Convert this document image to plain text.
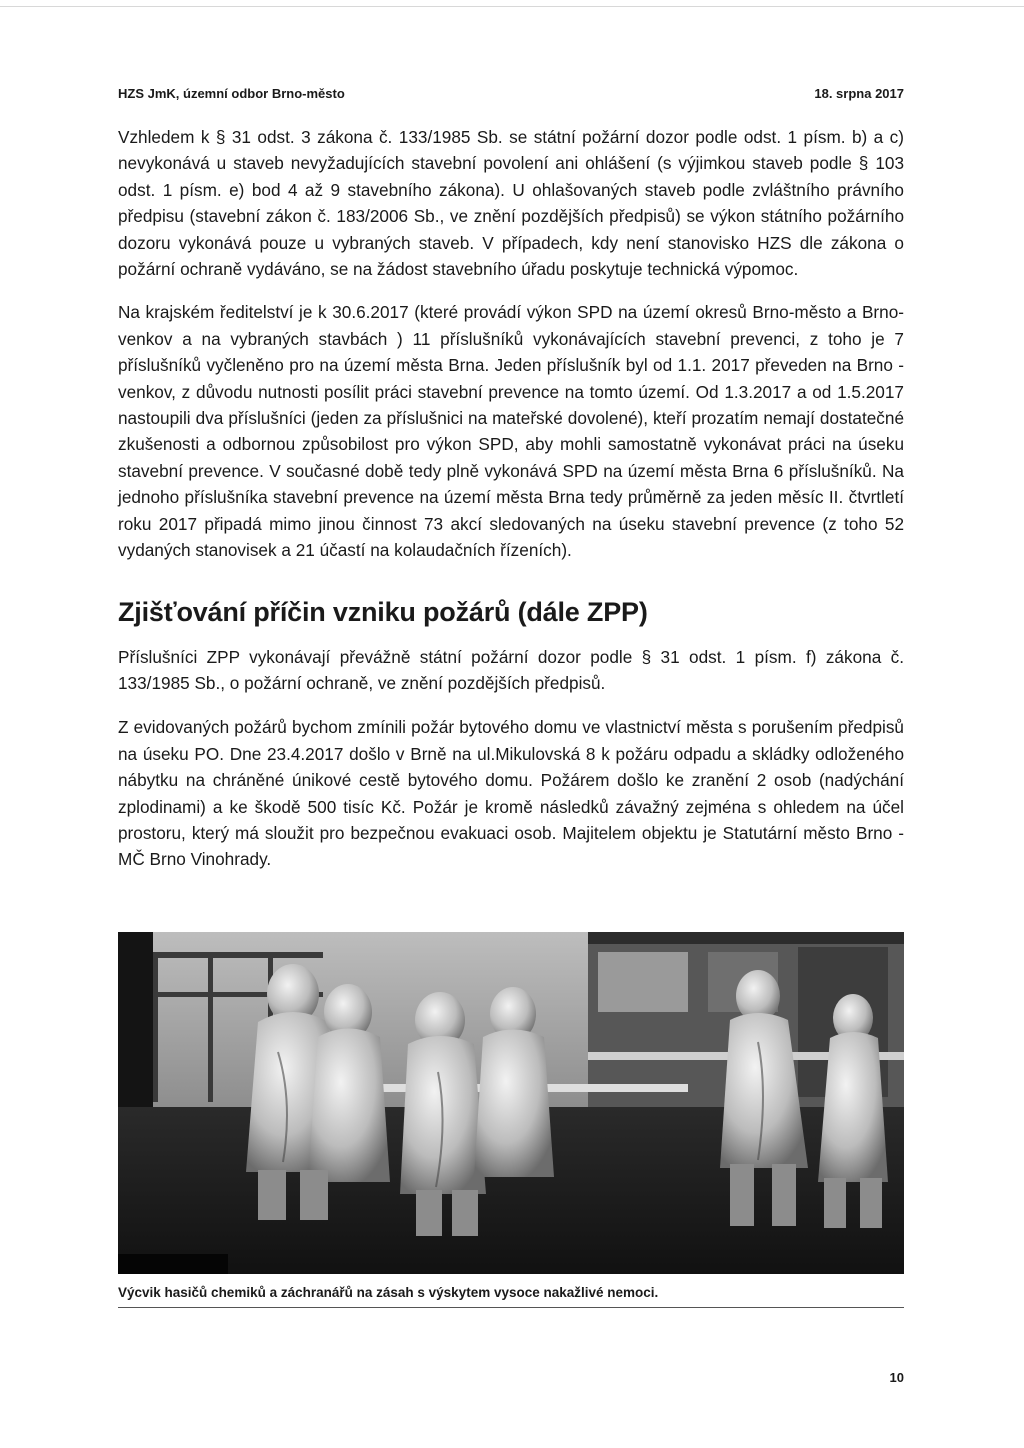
HZS JmK, územní odbor Brno-město	18. srpna 2017

Vzhledem k § 31 odst. 3 zákona č. 133/1985 Sb. se státní požární dozor podle odst. 1 písm. b) a c) nevykonává u staveb nevyžadujících stavební povolení ani ohlášení (s výjimkou staveb podle § 103 odst. 1 písm. e) bod 4 až 9 stavebního zákona). U ohlašovaných staveb podle zvláštního právního předpisu (stavební zákon č. 183/2006 Sb., ve znění pozdějších předpisů) se výkon státního požárního dozoru vykonává pouze u vybraných staveb. V případech, kdy není stanovisko HZS dle zákona o požární ochraně vydáváno, se na žádost stavebního úřadu poskytuje technická výpomoc.

Na krajském ředitelství je k 30.6.2017 (které provádí výkon SPD na území okresů Brno-město a Brno-venkov a na vybraných stavbách ) 11 příslušníků vykonávajících stavební prevenci, z toho je 7 příslušníků vyčleněno pro na území města Brna. Jeden příslušník byl od 1.1. 2017 převeden na Brno - venkov, z důvodu nutnosti posílit práci stavební prevence na tomto území. Od 1.3.2017 a od 1.5.2017 nastoupili dva příslušníci (jeden za příslušnici na mateřské dovolené), kteří prozatím nemají dostatečné zkušenosti a odbornou způsobilost pro výkon SPD, aby mohli samostatně vykonávat práci na úseku stavební prevence. V současné době tedy plně vykonává SPD na území města Brna 6 příslušníků. Na jednoho příslušníka stavební prevence na území města Brna tedy průměrně za jeden měsíc II. čtvrtletí roku 2017 připadá mimo jinou činnost 73 akcí sledovaných na úseku stavební prevence (z toho 52 vydaných stanovisek a 21 účastí na kolaudačních řízeních).

Zjišťování příčin vzniku požárů (dále ZPP)

Příslušníci ZPP vykonávají převážně státní požární dozor podle § 31 odst. 1 písm. f) zákona č. 133/1985 Sb., o požární ochraně, ve znění pozdějších předpisů.

Z evidovaných požárů bychom zmínili požár bytového domu ve vlastnictví města s porušením předpisů na úseku PO. Dne 23.4.2017 došlo v Brně na ul.Mikulovská 8 k požáru odpadu a skládky odloženého nábytku na chráněné únikové cestě bytového domu. Požárem došlo ke zranění 2 osob (nadýchání zplodinami) a ke škodě 500 tisíc Kč. Požár je kromě následků závažný zejména s ohledem na účel prostoru, který má sloužit pro bezpečnou evakuaci osob. Majitelem objektu je Statutární město Brno - MČ Brno Vinohrady.

Výcvik hasičů chemiků a záchranářů na zásah s výskytem vysoce nakažlivé nemoci.
10
